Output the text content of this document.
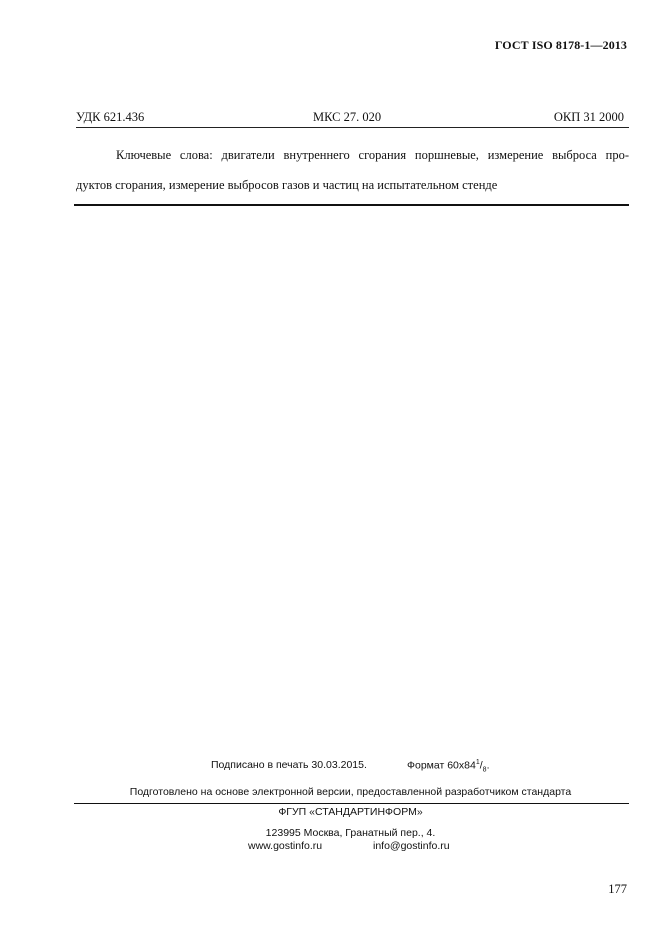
ГОСТ ISO 8178-1—2013
УДК 621.436	МКС 27. 020	ОКП 31 2000
Ключевые слова: двигатели внутреннего сгорания поршневые, измерение выброса про-
дуктов сгорания, измерение выбросов газов и частиц на испытательном стенде
Подписано в печать 30.03.2015.	Формат $60x84^1/_8$.
Подготовлено на основе электронной версии, предоставленной разработчиком стандарта
ФГУП «СТАНДАРТИНФОРМ»
123995 Москва, Гранатный пер., 4.
www.gostinfo.ru	info@gostinfo.ru
177
